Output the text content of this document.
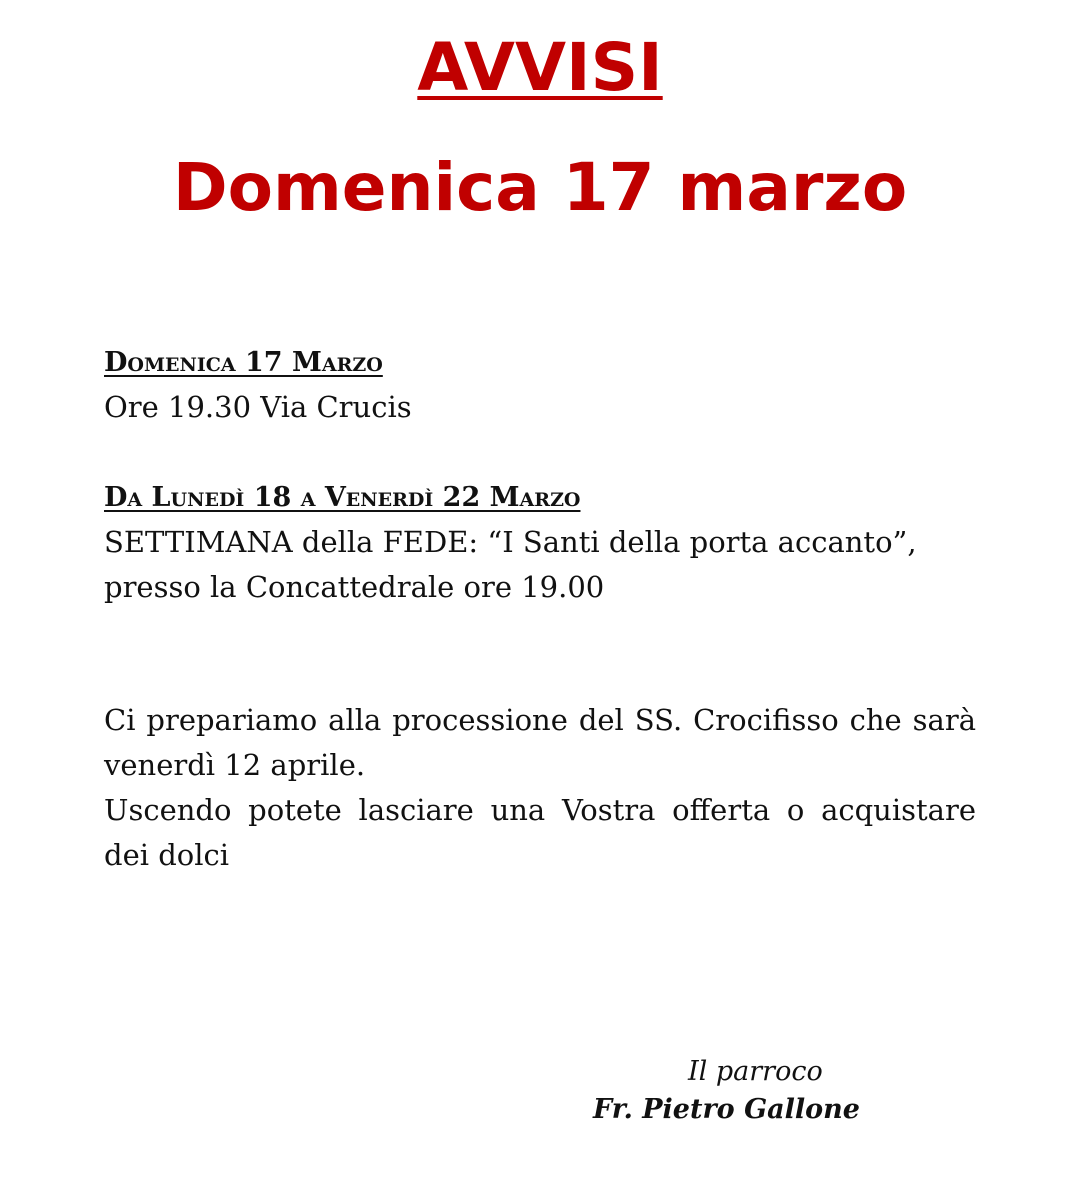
AVVISI
Domenica 17 marzo
Domenica 17 Marzo
Ore 19.30 Via Crucis
Da Lunedì 18 a Venerdì 22 Marzo
SETTIMANA della FEDE: “I Santi della porta accanto”,
presso la Concattedrale ore 19.00
Ci prepariamo alla processione del SS. Crocifisso che sarà venerdì 12 aprile.
Uscendo potete lasciare una Vostra offerta o acquistare dei dolci
Il parroco
Fr. Pietro Gallone
